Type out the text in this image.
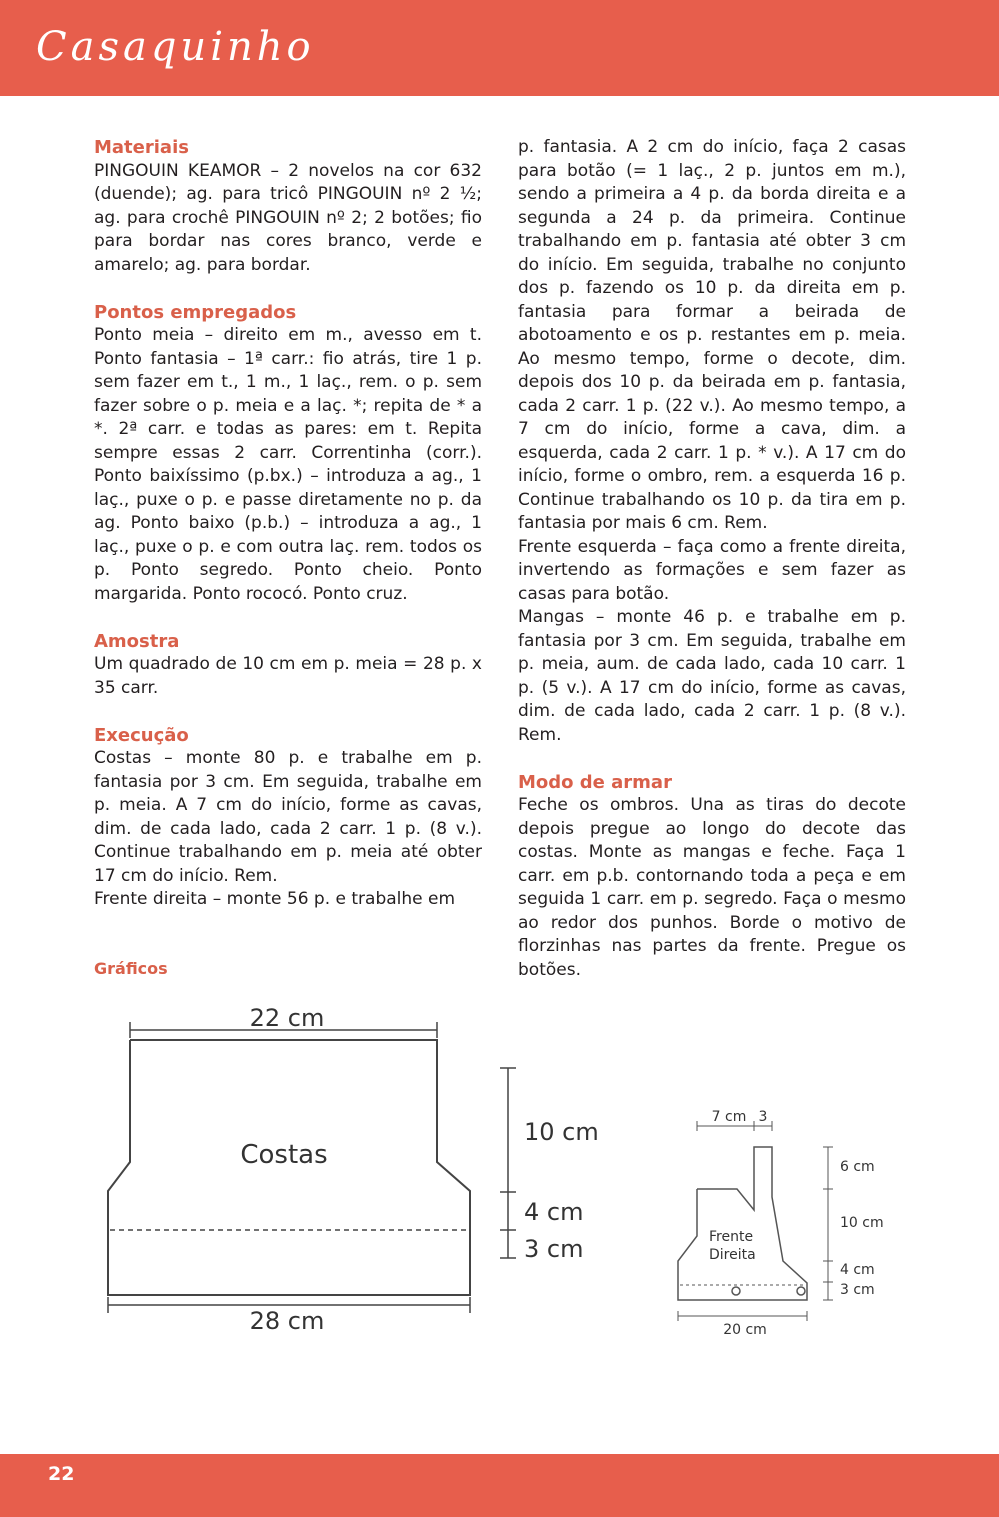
Casaquinho

Materiais

PINGOUIN KEAMOR – 2 novelos na cor 632 (duende); ag. para tricô PINGOUIN nº 2 ½; ag. para crochê PINGOUIN nº 2; 2 botões; fio para bordar nas cores branco, verde e amarelo; ag. para bordar.

Pontos empregados

Ponto meia – direito em m., avesso em t. Ponto fantasia – 1ª carr.: fio atrás, tire 1 p. sem fazer em t., 1 m., 1 laç., rem. o p. sem fazer sobre o p. meia e a laç. *; repita de * a *. 2ª carr. e todas as pares: em t. Repita sempre essas 2 carr. Correntinha (corr.). Ponto baixíssimo (p.bx.) – introduza a ag., 1 laç., puxe o p. e passe diretamente no p. da ag. Ponto baixo (p.b.) – introduza a ag., 1 laç., puxe o p. e com outra laç. rem. todos os p. Ponto segredo. Ponto cheio. Ponto margarida. Ponto rococó. Ponto cruz.

Amostra

Um quadrado de 10 cm em p. meia = 28 p. x 35 carr.

Execução

Costas – monte 80 p. e trabalhe em p. fantasia por 3 cm. Em seguida, trabalhe em p. meia. A 7 cm do início, forme as cavas, dim. de cada lado, cada 2 carr. 1 p. (8 v.). Continue trabalhando em p. meia até obter 17 cm do início. Rem.

Frente direita – monte 56 p. e trabalhe em

p. fantasia. A 2 cm do início, faça 2 casas para botão (= 1 laç., 2 p. juntos em m.), sendo a primeira a 4 p. da borda direita e a segunda a 24 p. da primeira. Continue trabalhando em p. fantasia até obter 3 cm do início. Em seguida, trabalhe no conjunto dos p. fazendo os 10 p. da direita em p. fantasia para formar a beirada de abotoamento e os p. restantes em p. meia. Ao mesmo tempo, forme o decote, dim. depois dos 10 p. da beirada em p. fantasia, cada 2 carr. 1 p. (22 v.). Ao mesmo tempo, a 7 cm do início, forme a cava, dim. a esquerda, cada 2 carr. 1 p. * v.). A 17 cm do início, forme o ombro, rem. a esquerda 16 p. Continue trabalhando os 10 p. da tira em p. fantasia por mais 6 cm. Rem.

Frente esquerda – faça como a frente direita, invertendo as formações e sem fazer as casas para botão.

Mangas – monte 46 p. e trabalhe em p. fantasia por 3 cm. Em seguida, trabalhe em p. meia, aum. de cada lado, cada 10 carr. 1 p. (5 v.). A 17 cm do início, forme as cavas, dim. de cada lado, cada 2 carr. 1 p. (8 v.). Rem.

Modo de armar

Feche os ombros. Una as tiras do decote depois pregue ao longo do decote das costas. Monte as mangas e feche. Faça 1 carr. em p.b. contornando toda a peça e em seguida 1 carr. em p. segredo. Faça o mesmo ao redor dos punhos. Borde o motivo de florzinhas nas partes da frente. Pregue os botões.

Gráficos
22 cm
Costas
28 cm
10 cm
4 cm
3 cm
7 cm 3
Frente
Direita
6 cm
10 cm
4 cm
3 cm
20 cm
22
